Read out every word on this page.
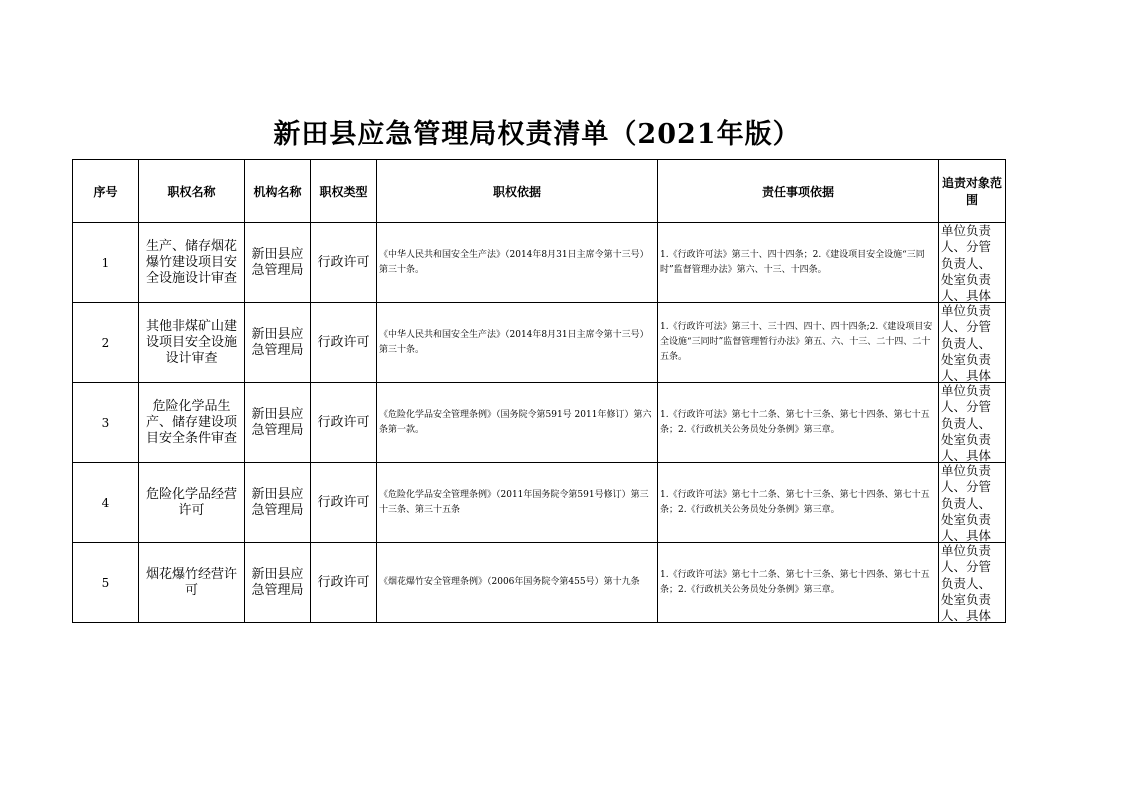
新田县应急管理局权责清单（2021年版）
序号	职权名称	机构名称	职权类型	职权依据	责任事项依据	追责对象范围
1	生产、储存烟花爆竹建设项目安全设施设计审查	新田县应急管理局	行政许可	《中华人民共和国安全生产法》（2014年8月31日主席令第十三号）第三十条。	1.《行政许可法》第三十、四十四条；2.《建设项目安全设施“三同时”监督管理办法》第六、十三、十四条。	单位负责人、分管负责人、处室负责人、具体

2	其他非煤矿山建设项目安全设施设计审查	新田县应急管理局	行政许可	《中华人民共和国安全生产法》（2014年8月31日主席令第十三号）第三十条。	1.《行政许可法》第三十、三十四、四十、四十四条;2.《建设项目安全设施“三同时”监督管理暂行办法》第五、六、十三、二十四、二十五条。	单位负责人、分管负责人、处室负责人、具体

3	危险化学品生产、储存建设项目安全条件审查	新田县应急管理局	行政许可	《危险化学品安全管理条例》（国务院令第591号 2011年修订）第六条第一款。	1.《行政许可法》第七十二条、第七十三条、第七十四条、第七十五条；2.《行政机关公务员处分条例》第三章。	单位负责人、分管负责人、处室负责人、具体

4	危险化学品经营许可	新田县应急管理局	行政许可	《危险化学品安全管理条例》（2011年国务院令第591号修订）第三十三条、第三十五条	1.《行政许可法》第七十二条、第七十三条、第七十四条、第七十五条；2.《行政机关公务员处分条例》第三章。	单位负责人、分管负责人、处室负责人、具体

5	烟花爆竹经营许可	新田县应急管理局	行政许可	《烟花爆竹安全管理条例》（2006年国务院令第455号）第十九条	1.《行政许可法》第七十二条、第七十三条、第七十四条、第七十五条；2.《行政机关公务员处分条例》第三章。	单位负责人、分管负责人、处室负责人、具体
